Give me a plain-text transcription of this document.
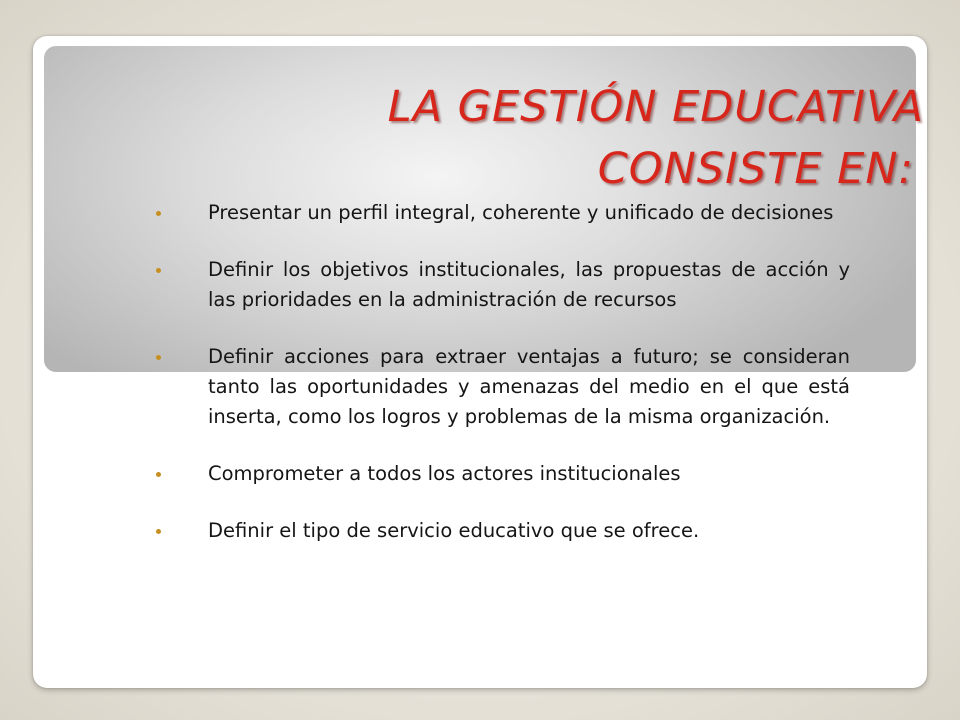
LA GESTIÓN EDUCATIVA
CONSISTE EN:
Presentar un perfil integral, coherente y unificado de decisiones
Definir los objetivos institucionales, las propuestas de acción y las prioridades en la administración de recursos
Definir acciones para extraer ventajas a futuro; se consideran tanto las oportunidades y amenazas del medio en el que está inserta, como los logros y problemas de la misma organización.
Comprometer a todos los actores institucionales
Definir el tipo de servicio educativo que se ofrece.
